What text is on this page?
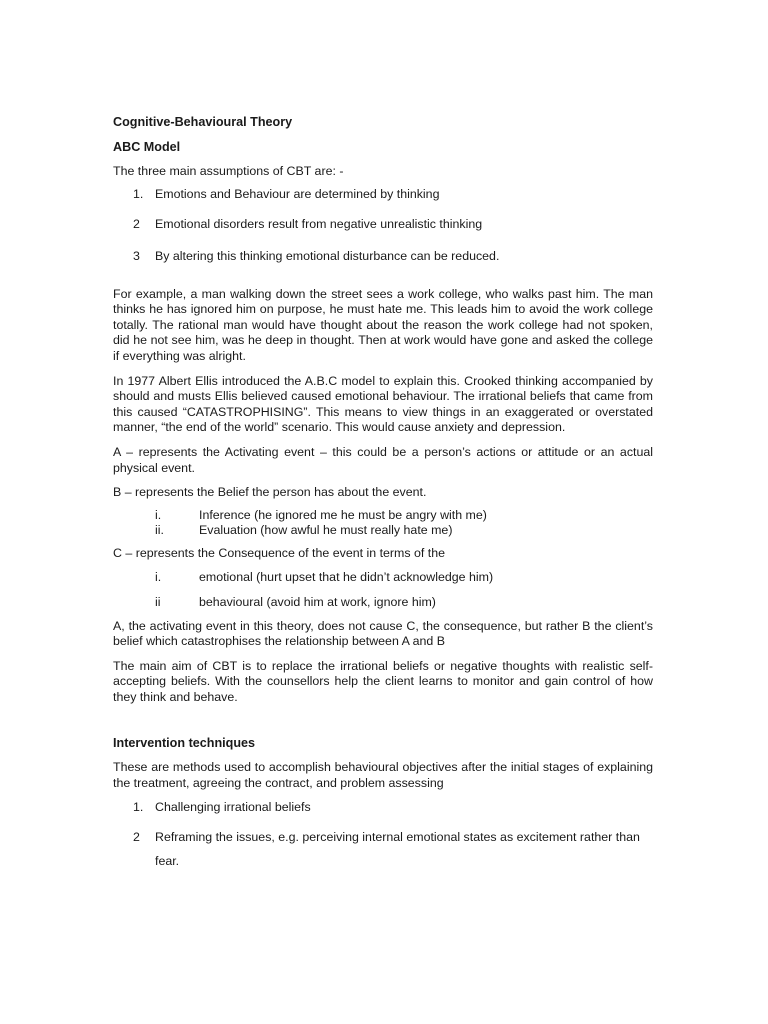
Cognitive-Behavioural Theory

ABC Model

The three main assumptions of CBT are: -

1. Emotions and Behaviour are determined by thinking
2 Emotional disorders result from negative unrealistic thinking
3 By altering this thinking emotional disturbance can be reduced.

For example, a man walking down the street sees a work college, who walks past him. The man thinks he has ignored him on purpose, he must hate me. This leads him to avoid the work college totally. The rational man would have thought about the reason the work college had not spoken, did he not see him, was he deep in thought. Then at work would have gone and asked the college if everything was alright.

In 1977 Albert Ellis introduced the A.B.C model to explain this. Crooked thinking accompanied by should and musts Ellis believed caused emotional behaviour. The irrational beliefs that came from this caused “CATASTROPHISING”. This means to view things in an exaggerated or overstated manner, “the end of the world” scenario. This would cause anxiety and depression.

A – represents the Activating event – this could be a person’s actions or attitude or an actual physical event.

B – represents the Belief the person has about the event.

i.	Inference (he ignored me he must be angry with me)
ii.	Evaluation (how awful he must really hate me)

C – represents the Consequence of the event in terms of the

i.	emotional (hurt upset that he didn’t acknowledge him)
ii	behavioural (avoid him at work, ignore him)

A, the activating event in this theory, does not cause C, the consequence, but rather B the client’s belief which catastrophises the relationship between A and B

The main aim of CBT is to replace the irrational beliefs or negative thoughts with realistic self-accepting beliefs. With the counsellors help the client learns to monitor and gain control of how they think and behave.

Intervention techniques

These are methods used to accomplish behavioural objectives after the initial stages of explaining the treatment, agreeing the contract, and problem assessing

1. Challenging irrational beliefs
2 Reframing the issues, e.g. perceiving internal emotional states as excitement rather than fear.
